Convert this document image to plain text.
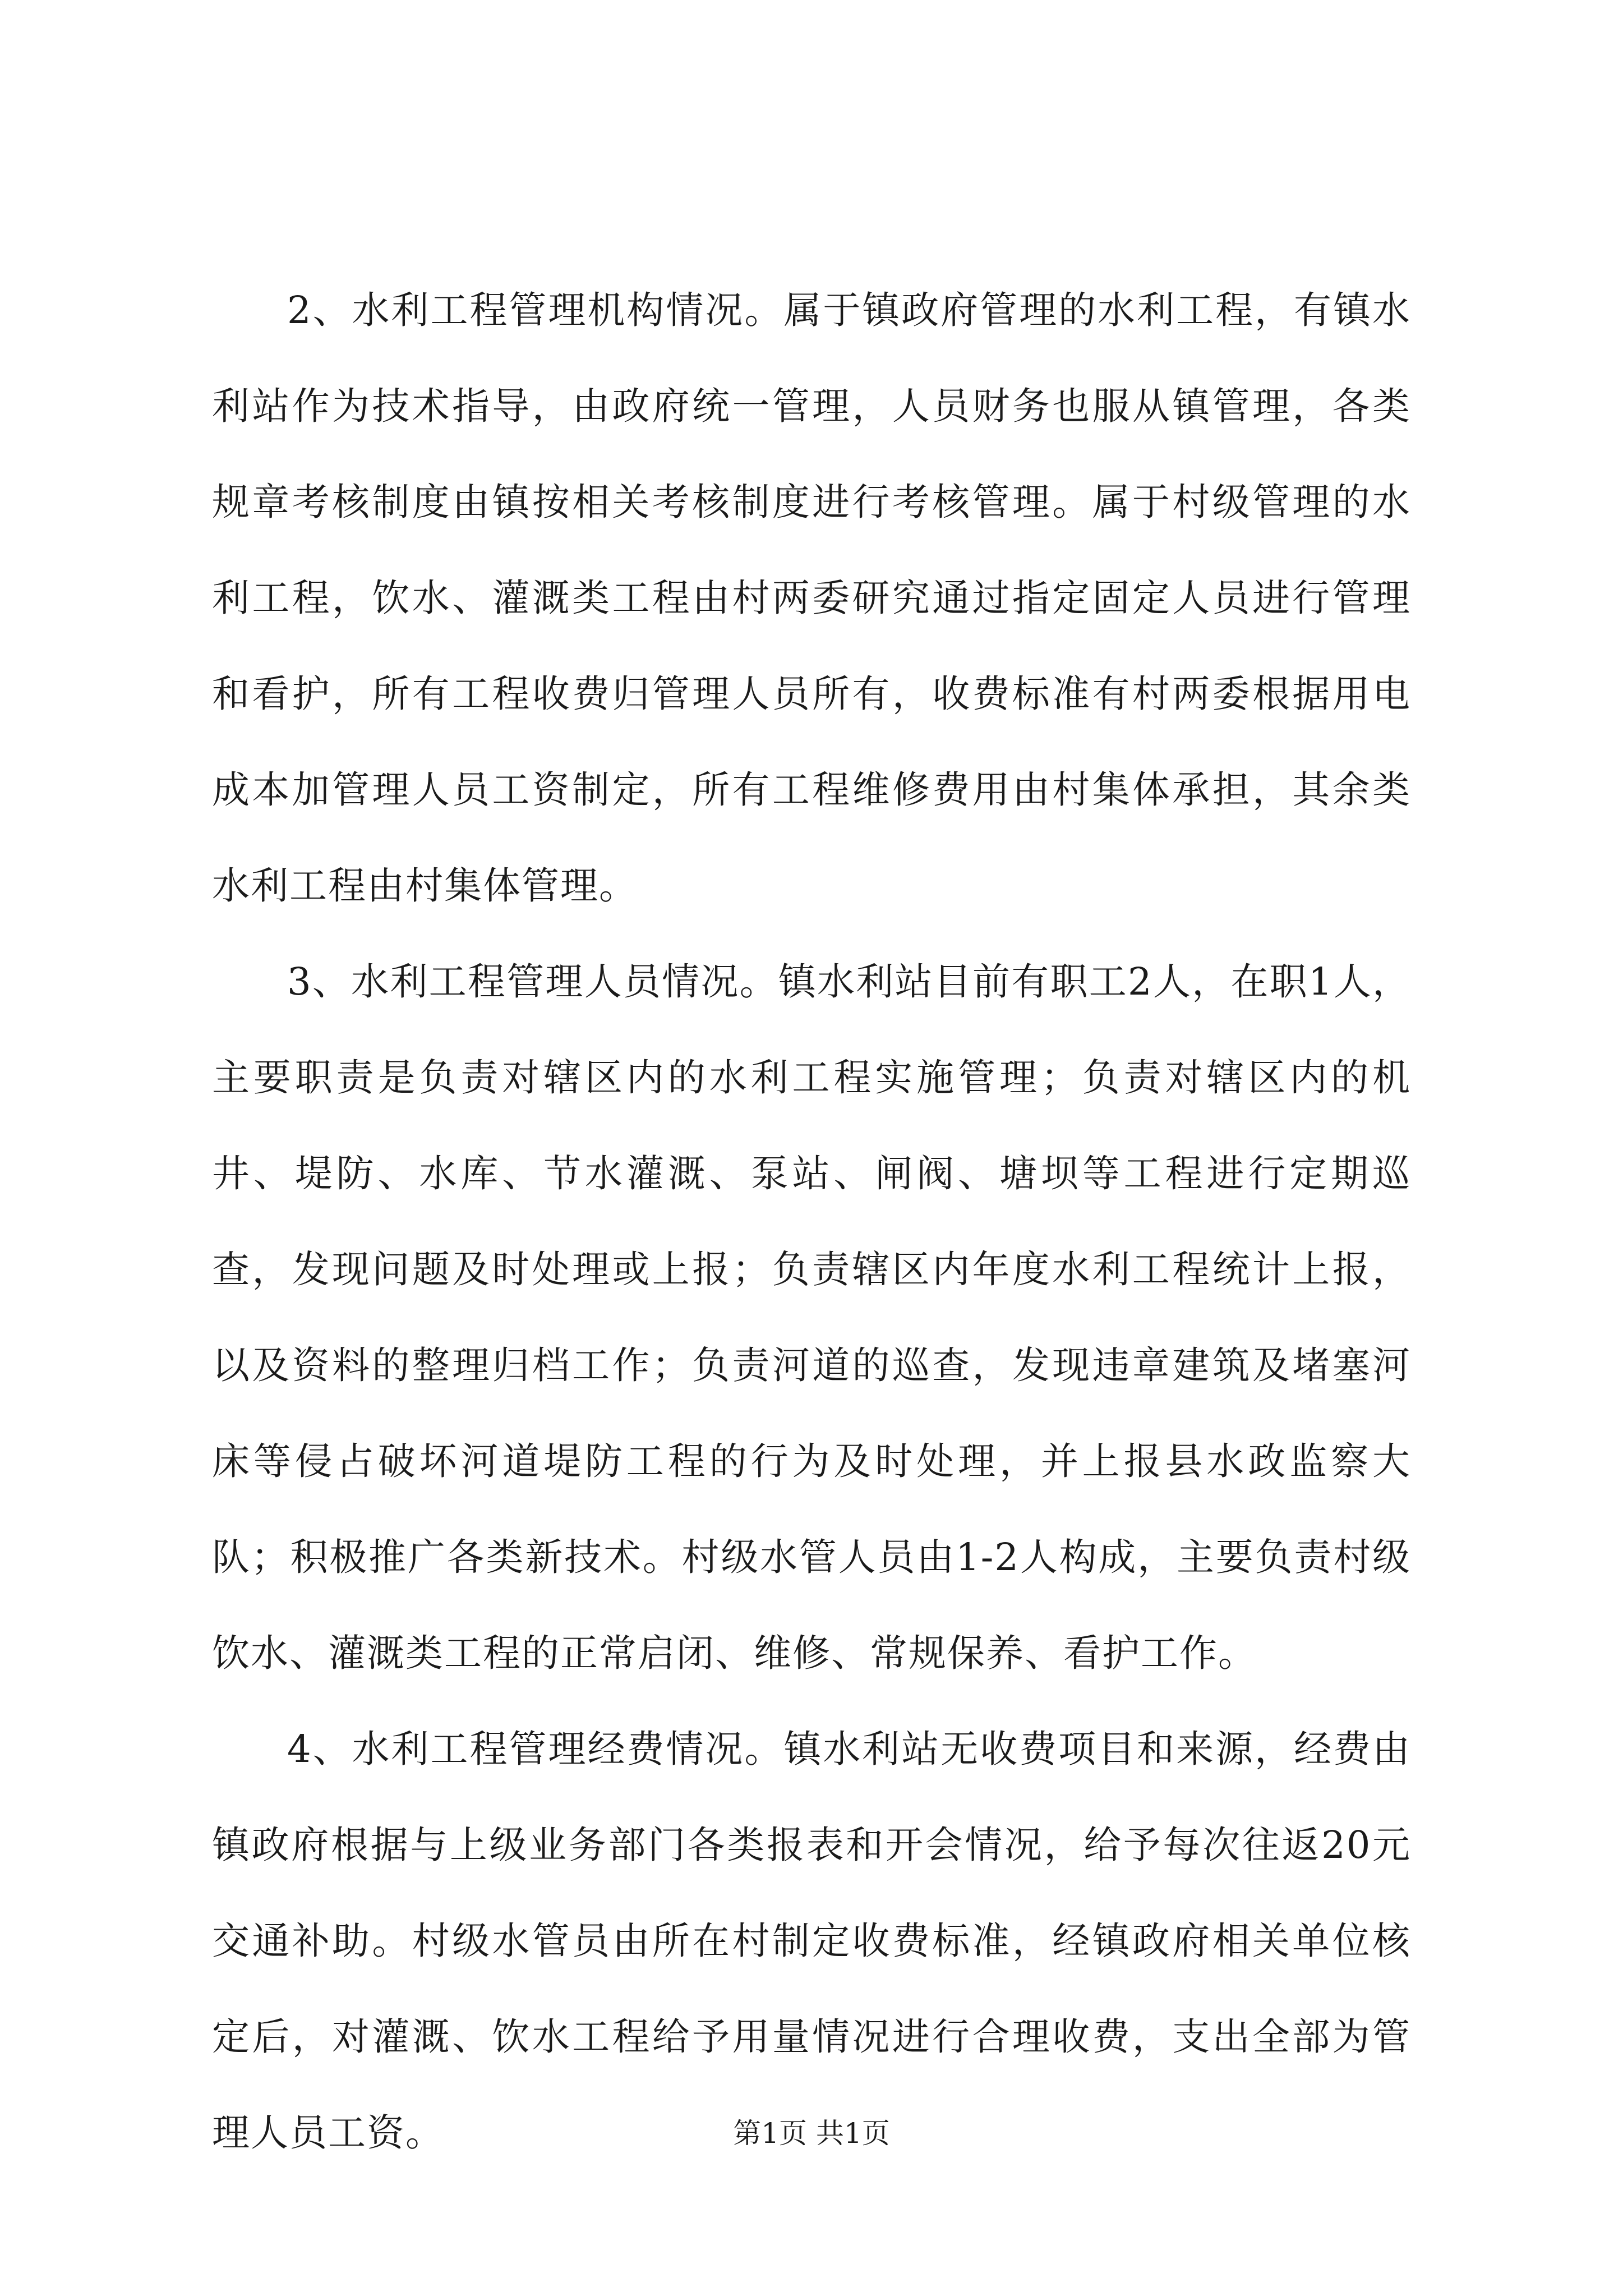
2、水利工程管理机构情况。属于镇政府管理的水利工程，有镇水利站作为技术指导，由政府统一管理，人员财务也服从镇管理，各类规章考核制度由镇按相关考核制度进行考核管理。属于村级管理的水利工程，饮水、灌溉类工程由村两委研究通过指定固定人员进行管理和看护，所有工程收费归管理人员所有，收费标准有村两委根据用电成本加管理人员工资制定，所有工程维修费用由村集体承担，其余类水利工程由村集体管理。

3、水利工程管理人员情况。镇水利站目前有职工2人，在职1人，主要职责是负责对辖区内的水利工程实施管理；负责对辖区内的机井、堤防、水库、节水灌溉、泵站、闸阀、塘坝等工程进行定期巡查，发现问题及时处理或上报；负责辖区内年度水利工程统计上报，以及资料的整理归档工作；负责河道的巡查，发现违章建筑及堵塞河床等侵占破坏河道堤防工程的行为及时处理，并上报县水政监察大队；积极推广各类新技术。村级水管人员由1-2人构成，主要负责村级饮水、灌溉类工程的正常启闭、维修、常规保养、看护工作。

4、水利工程管理经费情况。镇水利站无收费项目和来源，经费由镇政府根据与上级业务部门各类报表和开会情况，给予每次往返20元交通补助。村级水管员由所在村制定收费标准，经镇政府相关单位核定后，对灌溉、饮水工程给予用量情况进行合理收费，支出全部为管理人员工资。	第1页 共1页
